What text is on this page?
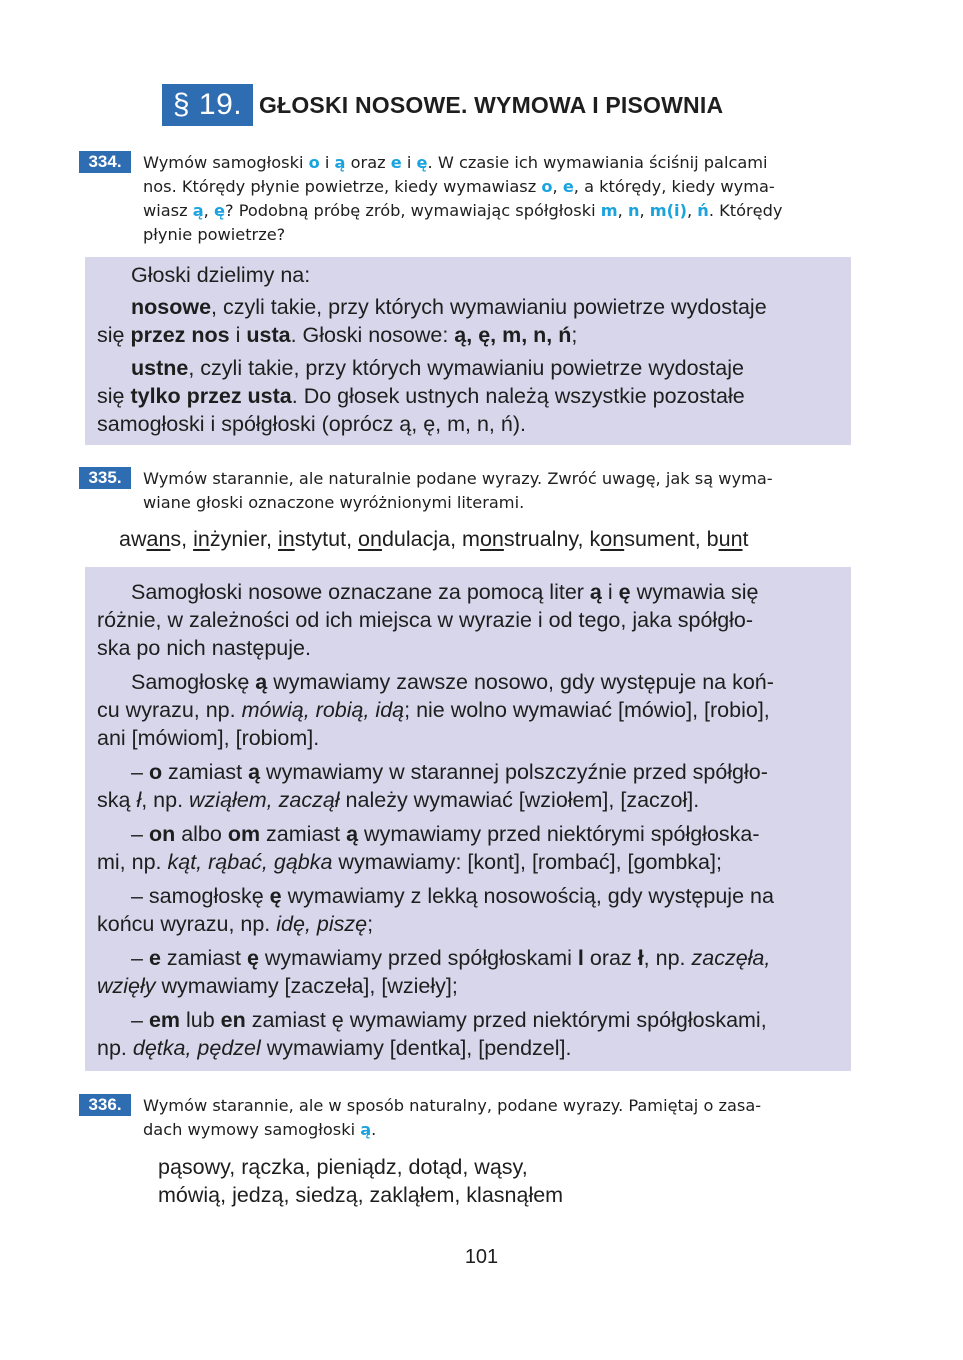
§ 19. GŁOSKI NOSOWE. WYMOWA I PISOWNIA
334.	Wymów samogłoski o i ą oraz e i ę. W czasie ich wymawiania ściśnij palcami
nos. Którędy płynie powietrze, kiedy wymawiasz o, e, a którędy, kiedy wyma-
wiasz ą, ę? Podobną próbę zrób, wymawiając spółgłoski m, n, m(i), ń. Którędy
płynie powietrze?
Głoski dzielimy na:
nosowe, czyli takie, przy których wymawianiu powietrze wydostaje
się przez nos i usta. Głoski nosowe: ą, ę, m, n, ń;
ustne, czyli takie, przy których wymawianiu powietrze wydostaje
się tylko przez usta. Do głosek ustnych należą wszystkie pozostałe
samogłoski i spółgłoski (oprócz ą, ę, m, n, ń).
335.	Wymów starannie, ale naturalnie podane wyrazy. Zwróć uwagę, jak są wyma-
wiane głoski oznaczone wyróżnionymi literami.
awans, inżynier, instytut, ondulacja, monstrualny, konsument, bunt
Samogłoski nosowe oznaczane za pomocą liter ą i ę wymawia się
różnie, w zależności od ich miejsca w wyrazie i od tego, jaka spółgło-
ska po nich następuje.
Samogłoskę ą wymawiamy zawsze nosowo, gdy występuje na koń-
cu wyrazu, np. mówią, robią, idą; nie wolno wymawiać [mówio], [robio],
ani [mówiom], [robiom].
– o zamiast ą wymawiamy w starannej polszczyźnie przed spółgło-
ską ł, np. wziąłem, zaczął należy wymawiać [wziołem], [zaczoł].
– on albo om zamiast ą wymawiamy przed niektórymi spółgłoska-
mi, np. kąt, rąbać, gąbka wymawiamy: [kont], [rombać], [gombka];
– samogłoskę ę wymawiamy z lekką nosowością, gdy występuje na
końcu wyrazu, np. idę, piszę;
– e zamiast ę wymawiamy przed spółgłoskami l oraz ł, np. zaczęła,
wzięły wymawiamy [zaczeła], [wzieły];
– em lub en zamiast ę wymawiamy przed niektórymi spółgłoskami,
np. dętka, pędzel wymawiamy [dentka], [pendzel].
336.	Wymów starannie, ale w sposób naturalny, podane wyrazy. Pamiętaj o zasa-
dach wymowy samogłoski ą.
pąsowy, rączka, pieniądz, dotąd, wąsy,
mówią, jedzą, siedzą, zakląłem, klasnąłem
101
